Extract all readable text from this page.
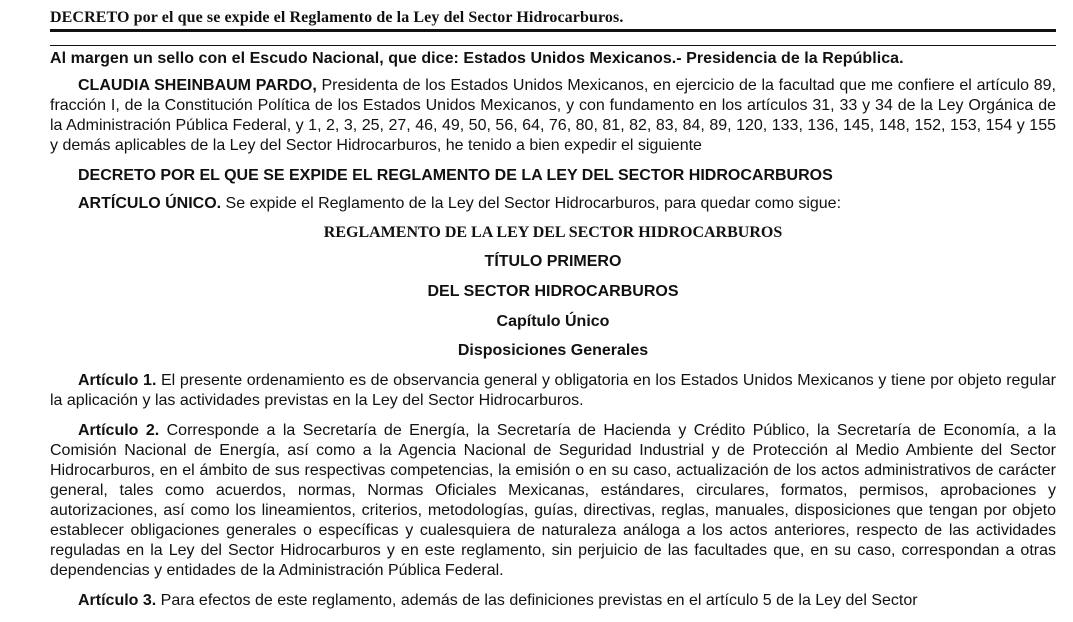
DECRETO por el que se expide el Reglamento de la Ley del Sector Hidrocarburos.
Al margen un sello con el Escudo Nacional, que dice: Estados Unidos Mexicanos.- Presidencia de la República.

CLAUDIA SHEINBAUM PARDO, Presidenta de los Estados Unidos Mexicanos, en ejercicio de la facultad que me confiere el artículo 89, fracción I, de la Constitución Política de los Estados Unidos Mexicanos, y con fundamento en los artículos 31, 33 y 34 de la Ley Orgánica de la Administración Pública Federal, y 1, 2, 3, 25, 27, 46, 49, 50, 56, 64, 76, 80, 81, 82, 83, 84, 89, 120, 133, 136, 145, 148, 152, 153, 154 y 155 y demás aplicables de la Ley del Sector Hidrocarburos, he tenido a bien expedir el siguiente

DECRETO POR EL QUE SE EXPIDE EL REGLAMENTO DE LA LEY DEL SECTOR HIDROCARBUROS

ARTÍCULO ÚNICO. Se expide el Reglamento de la Ley del Sector Hidrocarburos, para quedar como sigue:

REGLAMENTO DE LA LEY DEL SECTOR HIDROCARBUROS
TÍTULO PRIMERO
DEL SECTOR HIDROCARBUROS
Capítulo Único
Disposiciones Generales

Artículo 1. El presente ordenamiento es de observancia general y obligatoria en los Estados Unidos Mexicanos y tiene por objeto regular la aplicación y las actividades previstas en la Ley del Sector Hidrocarburos.

Artículo 2. Corresponde a la Secretaría de Energía, la Secretaría de Hacienda y Crédito Público, la Secretaría de Economía, a la Comisión Nacional de Energía, así como a la Agencia Nacional de Seguridad Industrial y de Protección al Medio Ambiente del Sector Hidrocarburos, en el ámbito de sus respectivas competencias, la emisión o en su caso, actualización de los actos administrativos de carácter general, tales como acuerdos, normas, Normas Oficiales Mexicanas, estándares, circulares, formatos, permisos, aprobaciones y autorizaciones, así como los lineamientos, criterios, metodologías, guías, directivas, reglas, manuales, disposiciones que tengan por objeto establecer obligaciones generales o específicas y cualesquiera de naturaleza análoga a los actos anteriores, respecto de las actividades reguladas en la Ley del Sector Hidrocarburos y en este reglamento, sin perjuicio de las facultades que, en su caso, correspondan a otras dependencias y entidades de la Administración Pública Federal.

Artículo 3. Para efectos de este reglamento, además de las definiciones previstas en el artículo 5 de la Ley del Sector
